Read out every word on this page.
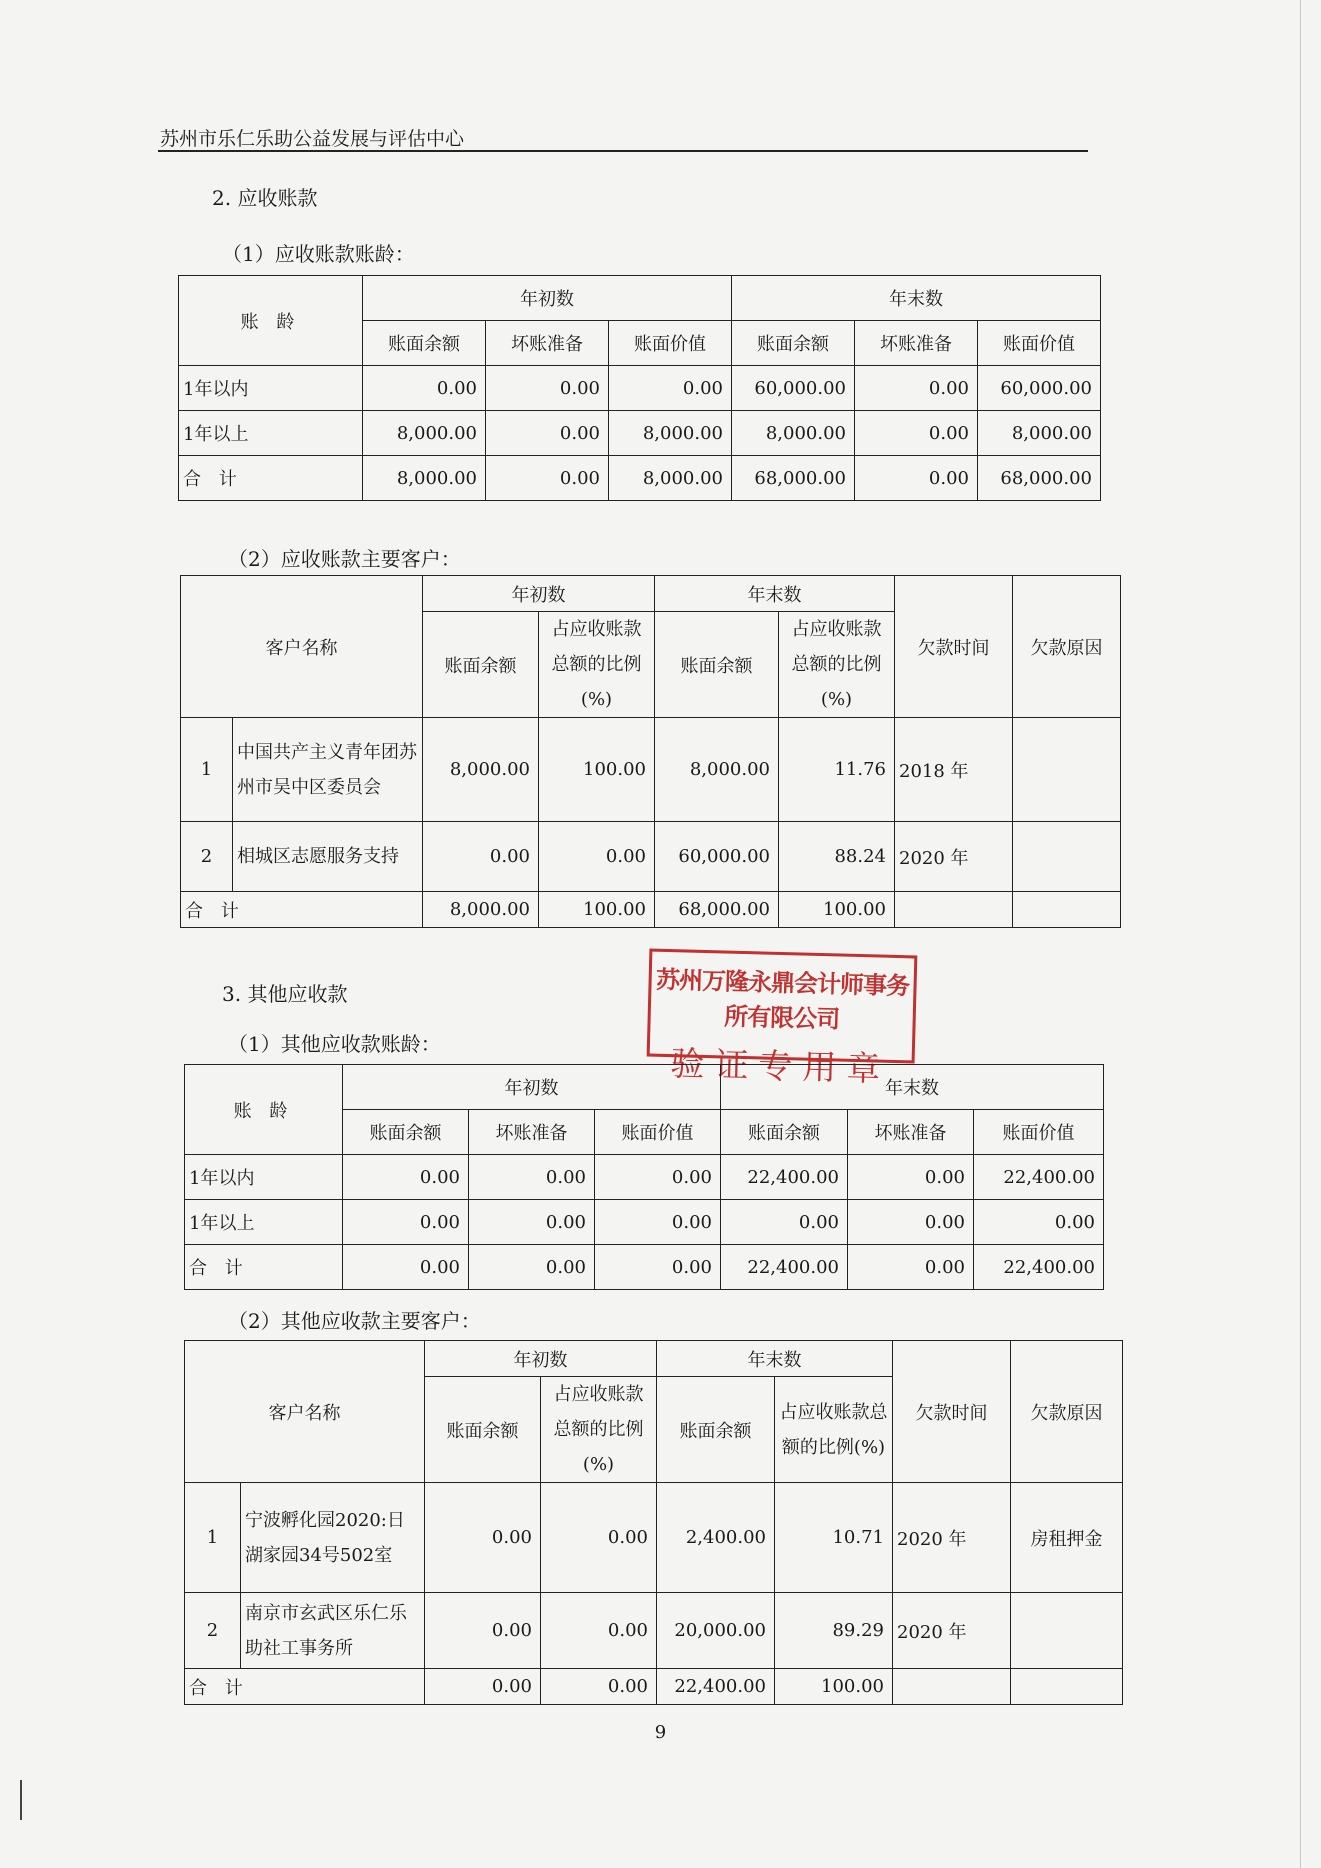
苏州市乐仁乐助公益发展与评估中心
2. 应收账款
（1）应收账款账龄：
账 龄	年初数			年末数		
	账面余额	坏账准备	账面价值	账面余额	坏账准备	账面价值
1年以内	0.00	0.00	0.00	60,000.00	0.00	60,000.00
1年以上	8,000.00	0.00	8,000.00	8,000.00	0.00	8,000.00
合 计	8,000.00	0.00	8,000.00	68,000.00	0.00	68,000.00
（2）应收账款主要客户：
客户名称		年初数		年末数		欠款时间	欠款原因
		账面余额	占应收账款总额的比例(%)	账面余额	占应收账款总额的比例(%)		
1	中国共产主义青年团苏州市吴中区委员会	8,000.00	100.00	8,000.00	11.76	2018 年	
2	相城区志愿服务支持	0.00	0.00	60,000.00	88.24	2020 年	
合 计		8,000.00	100.00	68,000.00	100.00		
苏州万隆永鼎会计师事务所有限公司
验证专用章
3. 其他应收款
（1）其他应收款账龄：
账 龄	年初数			年末数		
	账面余额	坏账准备	账面价值	账面余额	坏账准备	账面价值
1年以内	0.00	0.00	0.00	22,400.00	0.00	22,400.00
1年以上	0.00	0.00	0.00	0.00	0.00	0.00
合 计	0.00	0.00	0.00	22,400.00	0.00	22,400.00
（2）其他应收款主要客户：
客户名称		年初数		年末数		欠款时间	欠款原因
		账面余额	占应收账款总额的比例(%)	账面余额	占应收账款总额的比例(%)		
1	宁波孵化园2020:日湖家园34号502室	0.00	0.00	2,400.00	10.71	2020 年	房租押金
2	南京市玄武区乐仁乐助社工事务所	0.00	0.00	20,000.00	89.29	2020 年	
合 计		0.00	0.00	22,400.00	100.00		
9
